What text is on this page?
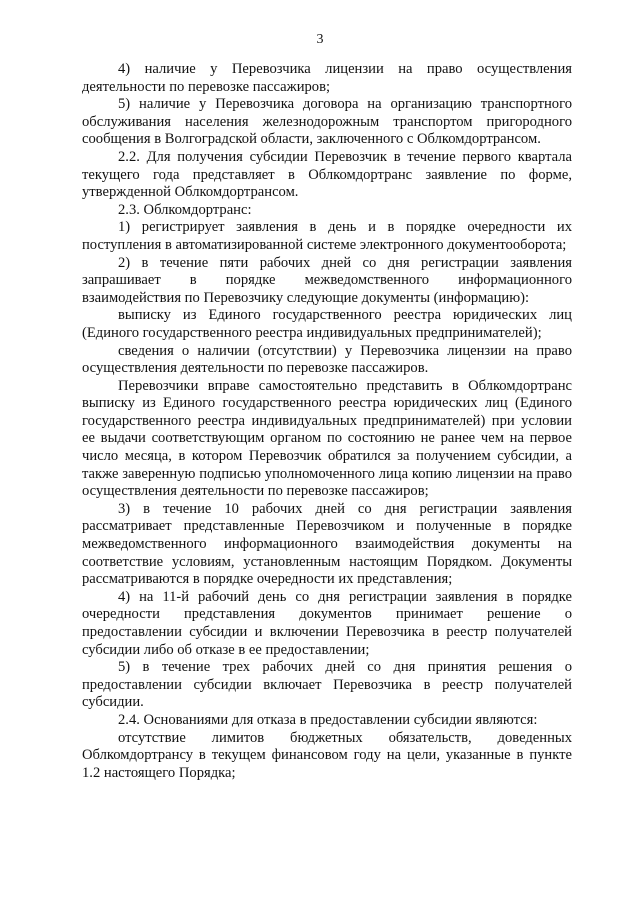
3

4) наличие у Перевозчика лицензии на право осуществления деятельности по перевозке пассажиров;

5) наличие у Перевозчика договора на организацию транспортного обслуживания населения железнодорожным транспортом пригородного сообщения в Волгоградской области, заключенного с Облкомдортрансом.

2.2. Для получения субсидии Перевозчик в течение первого квартала текущего года представляет в Облкомдортранс заявление по форме, утвержденной Облкомдортрансом.

2.3. Облкомдортранс:

1) регистрирует заявления в день и в порядке очередности их поступления в автоматизированной системе электронного документооборота;

2) в течение пяти рабочих дней со дня регистрации заявления запрашивает в порядке межведомственного информационного взаимодействия по Перевозчику следующие документы (информацию):

выписку из Единого государственного реестра юридических лиц (Единого государственного реестра индивидуальных предпринимателей);

сведения о наличии (отсутствии) у Перевозчика лицензии на право осуществления деятельности по перевозке пассажиров.

Перевозчики вправе самостоятельно представить в Облкомдортранс выписку из Единого государственного реестра юридических лиц (Единого государственного реестра индивидуальных предпринимателей) при условии ее выдачи соответствующим органом по состоянию не ранее чем на первое число месяца, в котором Перевозчик обратился за получением субсидии, а также заверенную подписью уполномоченного лица копию лицензии на право осуществления деятельности по перевозке пассажиров;

3) в течение 10 рабочих дней со дня регистрации заявления рассматривает представленные Перевозчиком и полученные в порядке межведомственного информационного взаимодействия документы на соответствие условиям, установленным настоящим Порядком. Документы рассматриваются в порядке очередности их представления;

4) на 11-й рабочий день со дня регистрации заявления в порядке очередности представления документов принимает решение о предоставлении субсидии и включении Перевозчика в реестр получателей субсидии либо об отказе в ее предоставлении;

5) в течение трех рабочих дней со дня принятия решения о предоставлении субсидии включает Перевозчика в реестр получателей субсидии.

2.4. Основаниями для отказа в предоставлении субсидии являются:

отсутствие лимитов бюджетных обязательств, доведенных Облкомдортрансу в текущем финансовом году на цели, указанные в пункте 1.2 настоящего Порядка;
